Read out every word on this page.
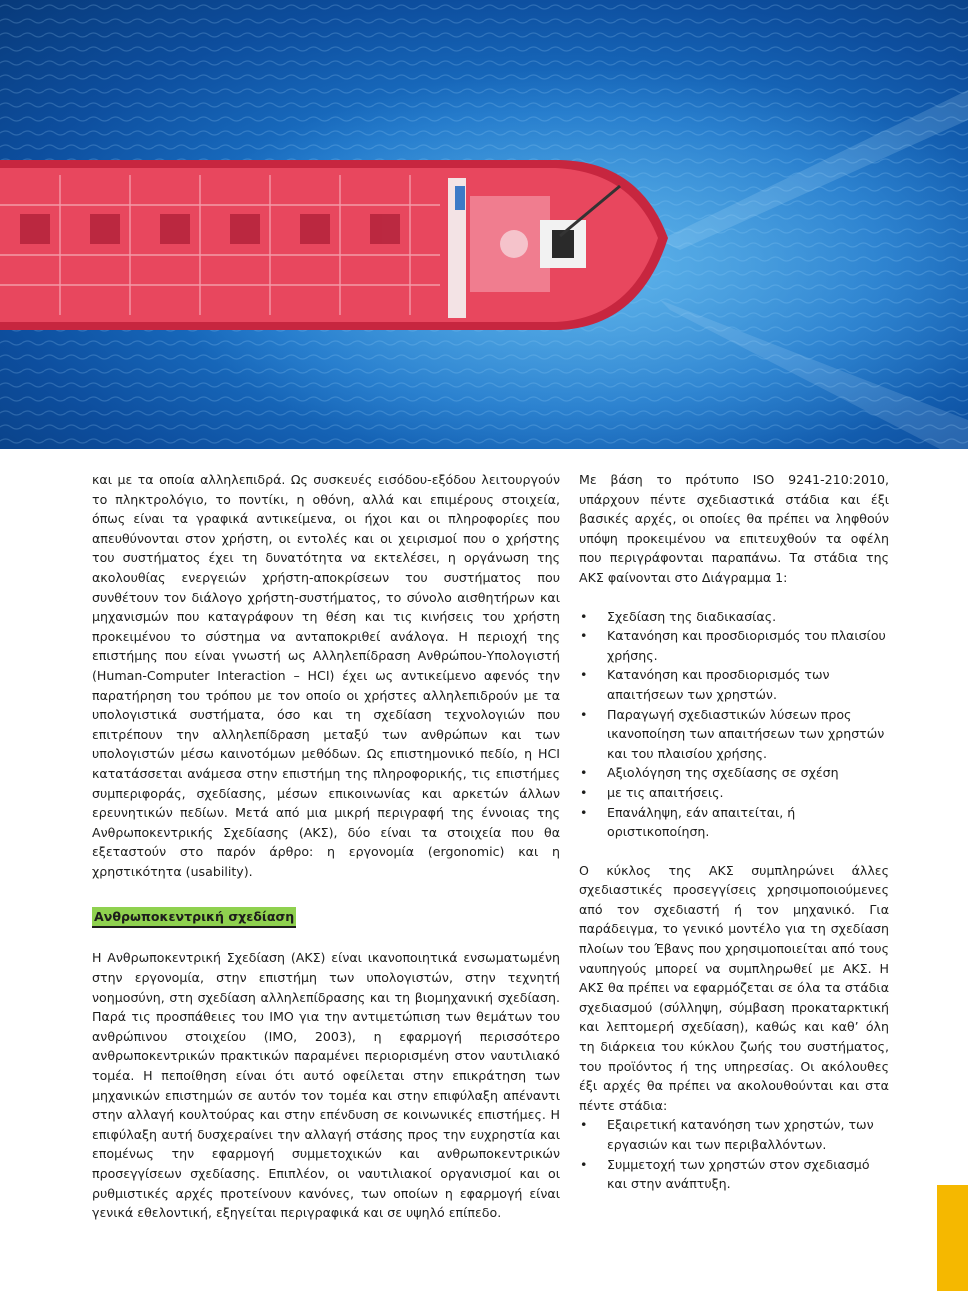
και με τα οποία αλληλεπιδρά. Ως συσκευές εισόδου-εξόδου λειτουργούν το πληκτρολόγιο, το ποντίκι, η οθόνη, αλλά και επιμέρους στοιχεία, όπως είναι τα γραφικά αντικείμενα, οι ήχοι και οι πληροφορίες που απευθύνονται στον χρήστη, οι εντολές και οι χειρισμοί που ο χρήστης του συστήματος έχει τη δυνατότητα να εκτελέσει, η οργάνωση της ακολουθίας ενεργειών χρήστη-αποκρίσεων του συστήματος που συνθέτουν τον διάλογο χρήστη-συστήματος, το σύνολο αισθητήρων και μηχανισμών που καταγράφουν τη θέση και τις κινήσεις του χρήστη προκειμένου το σύστημα να ανταποκριθεί ανάλογα. Η περιοχή της επιστήμης που είναι γνωστή ως Αλληλεπίδραση Ανθρώπου-Υπολογιστή (Human-Computer Interaction – HCI) έχει ως αντικείμενο αφενός την παρατήρηση του τρόπου με τον οποίο οι χρήστες αλληλεπιδρούν με τα υπολογιστικά συστήματα, όσο και τη σχεδίαση τεχνολογιών που επιτρέπουν την αλληλεπίδραση μεταξύ των ανθρώπων και των υπολογιστών μέσω καινοτόμων μεθόδων. Ως επιστημονικό πεδίο, η HCI κατατάσσεται ανάμεσα στην επιστήμη της πληροφορικής, τις επιστήμες συμπεριφοράς, σχεδίασης, μέσων επικοινωνίας και αρκετών άλλων ερευνητικών πεδίων. Μετά από μια μικρή περιγραφή της έννοιας της Ανθρωποκεντρικής Σχεδίασης (ΑΚΣ), δύο είναι τα στοιχεία που θα εξεταστούν στο παρόν άρθρο: η εργονομία (ergonomic) και η χρηστικότητα (usability).

Ανθρωποκεντρική σχεδίαση

Η Ανθρωποκεντρική Σχεδίαση (ΑΚΣ) είναι ικανοποιητικά ενσωματωμένη στην εργονομία, στην επιστήμη των υπολογιστών, στην τεχνητή νοημοσύνη, στη σχεδίαση αλληλεπίδρασης και τη βιομηχανική σχεδίαση. Παρά τις προσπάθειες του IMO για την αντιμετώπιση των θεμάτων του ανθρώπινου στοιχείου (IMO, 2003), η εφαρμογή περισσότερο ανθρωποκεντρικών πρακτικών παραμένει περιορισμένη στον ναυτιλιακό τομέα. Η πεποίθηση είναι ότι αυτό οφείλεται στην επικράτηση των μηχανικών επιστημών σε αυτόν τον τομέα και στην επιφύλαξη απέναντι στην αλλαγή κουλτούρας και στην επένδυση σε κοινωνικές επιστήμες. Η επιφύλαξη αυτή δυσχεραίνει την αλλαγή στάσης προς την ευχρηστία και επομένως την εφαρμογή συμμετοχικών και ανθρωποκεντρικών προσεγγίσεων σχεδίασης. Επιπλέον, οι ναυτιλιακοί οργανισμοί και οι ρυθμιστικές αρχές προτείνουν κανόνες, των οποίων η εφαρμογή είναι γενικά εθελοντική, εξηγείται περιγραφικά και σε υψηλό επίπεδο.

Με βάση το πρότυπο ISO 9241-210:2010, υπάρχουν πέντε σχεδιαστικά στάδια και έξι βασικές αρχές, οι οποίες θα πρέπει να ληφθούν υπόψη προκειμένου να επιτευχθούν τα οφέλη που περιγράφονται παραπάνω. Τα στάδια της ΑΚΣ φαίνονται στο Διάγραμμα 1:

• Σχεδίαση της διαδικασίας.
• Κατανόηση και προσδιορισμός του πλαισίου χρήσης.
• Κατανόηση και προσδιορισμός των απαιτήσεων των χρηστών.
• Παραγωγή σχεδιαστικών λύσεων προς ικανοποίηση των απαιτήσεων των χρηστών και του πλαισίου χρήσης.
• Αξιολόγηση της σχεδίασης σε σχέση
• με τις απαιτήσεις.
• Επανάληψη, εάν απαιτείται, ή οριστικοποίηση.

Ο κύκλος της ΑΚΣ συμπληρώνει άλλες σχεδιαστικές προσεγγίσεις χρησιμοποιούμενες από τον σχεδιαστή ή τον μηχανικό. Για παράδειγμα, το γενικό μοντέλο για τη σχεδίαση πλοίων του Έβανς που χρησιμοποιείται από τους ναυπηγούς μπορεί να συμπληρωθεί με ΑΚΣ. Η ΑΚΣ θα πρέπει να εφαρμόζεται σε όλα τα στάδια σχεδιασμού (σύλληψη, σύμβαση προκαταρκτική και λεπτομερή σχεδίαση), καθώς και καθ’ όλη τη διάρκεια του κύκλου ζωής του συστήματος, του προϊόντος ή της υπηρεσίας. Οι ακόλουθες έξι αρχές θα πρέπει να ακολουθούνται και στα πέντε στάδια:

• Εξαιρετική κατανόηση των χρηστών, των εργασιών και των περιβαλλόντων.
• Συμμετοχή των χρηστών στον σχεδιασμό και στην ανάπτυξη.
